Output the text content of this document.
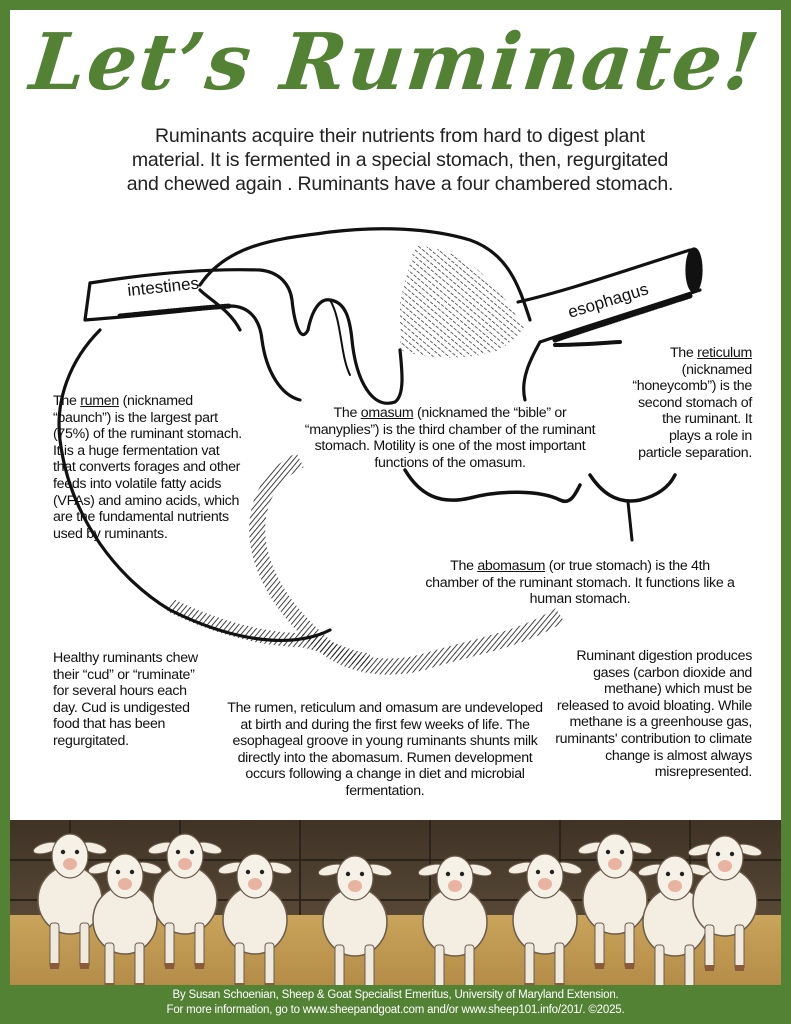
Let’s Ruminate!
Ruminants acquire their nutrients from hard to digest plant
material. It is fermented in a special stomach, then, regurgitated
and chewed again . Ruminants have a four chambered stomach.
intestines	esophagus
The rumen (nicknamed “paunch”) is the largest part (75%) of the ruminant stomach. It is a huge fermentation vat that converts forages and other feeds into volatile fatty acids (VFAs) and amino acids, which are the fundamental nutrients used by ruminants.
The omasum (nicknamed the “bible” or “manyplies”) is the third chamber of the ruminant stomach. Motility is one of the most important functions of the omasum.
The reticulum (nicknamed “honeycomb”) is the second stomach of the ruminant. It plays a role in particle separation.
The abomasum (or true stomach) is the 4th chamber of the ruminant stomach. It functions like a human stomach.
Healthy ruminants chew their “cud” or “ruminate” for several hours each day. Cud is undigested food that has been regurgitated.
The rumen, reticulum and omasum are undeveloped at birth and during the first few weeks of life. The esophageal groove in young ruminants shunts milk directly into the abomasum. Rumen development occurs following a change in diet and microbial fermentation.
Ruminant digestion produces gases (carbon dioxide and methane) which must be released to avoid bloating. While methane is a greenhouse gas, ruminants' contribution to climate change is almost always misrepresented.
By Susan Schoenian, Sheep & Goat Specialist Emeritus, University of Maryland Extension.
For more information, go to www.sheepandgoat.com and/or www.sheep101.info/201/. ©2025.
